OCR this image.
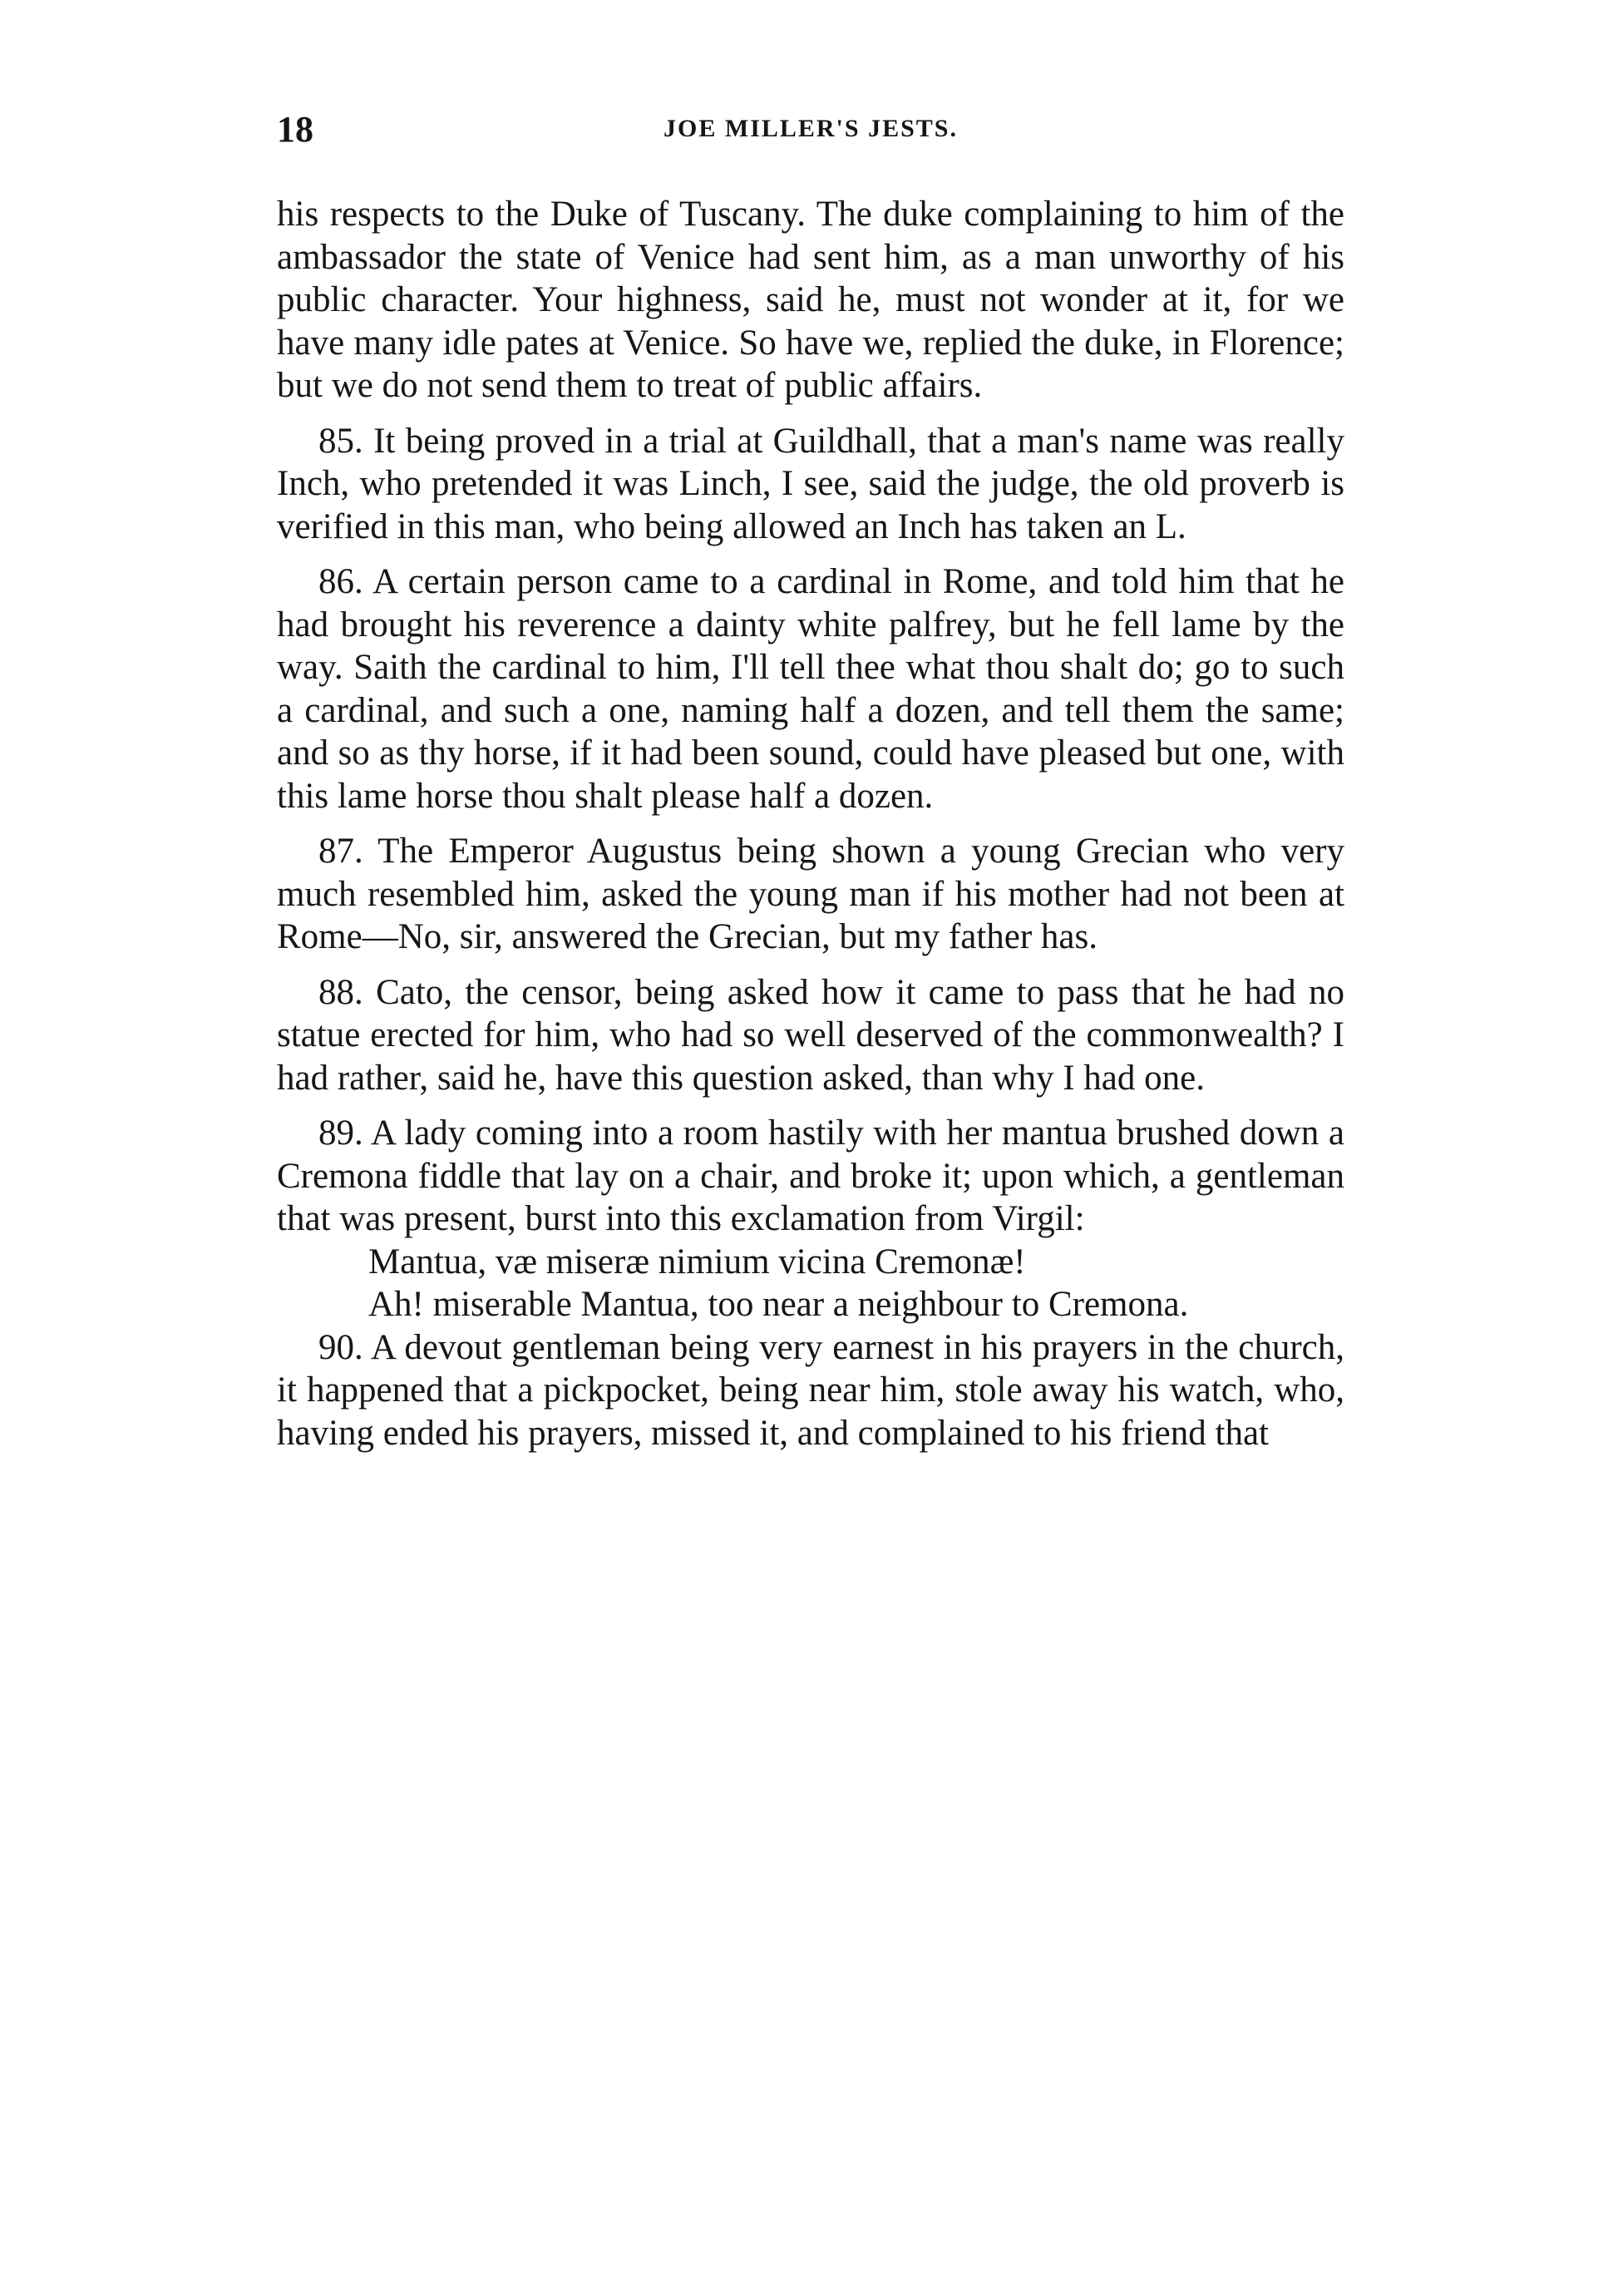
18	JOE MILLER'S JESTS.

his respects to the Duke of Tuscany. The duke complaining to him of the ambassador the state of Venice had sent him, as a man unworthy of his public character. Your highness, said he, must not wonder at it, for we have many idle pates at Venice. So have we, replied the duke, in Florence; but we do not send them to treat of public affairs.

85. It being proved in a trial at Guildhall, that a man's name was really Inch, who pretended it was Linch, I see, said the judge, the old proverb is verified in this man, who being allowed an Inch has taken an L.

86. A certain person came to a cardinal in Rome, and told him that he had brought his reverence a dainty white palfrey, but he fell lame by the way. Saith the cardinal to him, I'll tell thee what thou shalt do; go to such a cardinal, and such a one, naming half a dozen, and tell them the same; and so as thy horse, if it had been sound, could have pleased but one, with this lame horse thou shalt please half a dozen.

87. The Emperor Augustus being shown a young Grecian who very much resembled him, asked the young man if his mother had not been at Rome—No, sir, answered the Grecian, but my father has.

88. Cato, the censor, being asked how it came to pass that he had no statue erected for him, who had so well deserved of the commonwealth? I had rather, said he, have this question asked, than why I had one.

89. A lady coming into a room hastily with her mantua brushed down a Cremona fiddle that lay on a chair, and broke it; upon which, a gentleman that was present, burst into this exclamation from Virgil:

Mantua, væ miseræ nimium vicina Cremonæ!

Ah! miserable Mantua, too near a neighbour to Cremona.

90. A devout gentleman being very earnest in his prayers in the church, it happened that a pickpocket, being near him, stole away his watch, who, having ended his prayers, missed it, and complained to his friend that
